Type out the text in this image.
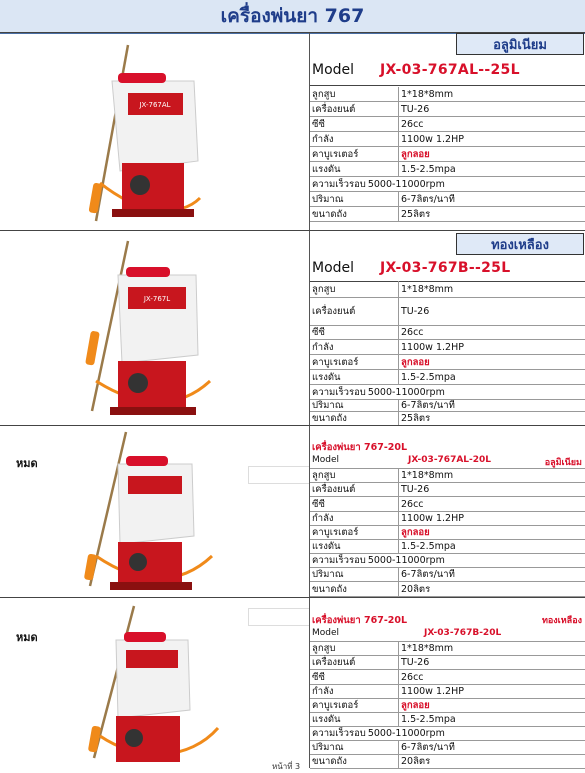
เครื่องพ่นยา 767
JX-767AL
อลูมิเนียม
Model JX-03-767AL--25L
ลูกสูบ	1*18*8mm
เครื่องยนต์	TU-26
ซีซี	26cc
กำลัง	1100w 1.2HP
คาบูเรเตอร์	ลูกลอย
แรงดัน	1.5-2.5mpa
ความเร็วรอบ 5000-11000rpm
ปริมาณ	6-7ลิตร/นาที
ขนาดถัง	25ลิตร
JX-767L
ทองเหลือง
Model JX-03-767B--25L
ลูกสูบ	1*18*8mm
เครื่องยนต์	TU-26
ซีซี	26cc
กำลัง	1100w 1.2HP
คาบูเรเตอร์	ลูกลอย
แรงดัน	1.5-2.5mpa
ความเร็วรอบ 5000-11000rpm
ปริมาณ	6-7ลิตร/นาที
ขนาดถัง	25ลิตร
หมด
เครื่องพ่นยา 767-20L
Model	JX-03-767AL-20L	อลูมิเนียม
ลูกสูบ	1*18*8mm
เครื่องยนต์	TU-26
ซีซี	26cc
กำลัง	1100w 1.2HP
คาบูเรเตอร์	ลูกลอย
แรงดัน	1.5-2.5mpa
ความเร็วรอบ 5000-11000rpm
ปริมาณ	6-7ลิตร/นาที
ขนาดถัง	20ลิตร
หมด
เครื่องพ่นยา 767-20L	ทองเหลือง
Model	JX-03-767B-20L
ลูกสูบ	1*18*8mm
เครื่องยนต์	TU-26
ซีซี	26cc
กำลัง	1100w 1.2HP
คาบูเรเตอร์	ลูกลอย
แรงดัน	1.5-2.5mpa
ความเร็วรอบ 5000-11000rpm
ปริมาณ	6-7ลิตร/นาที
ขนาดถัง	20ลิตร
หน้าที่ 3
